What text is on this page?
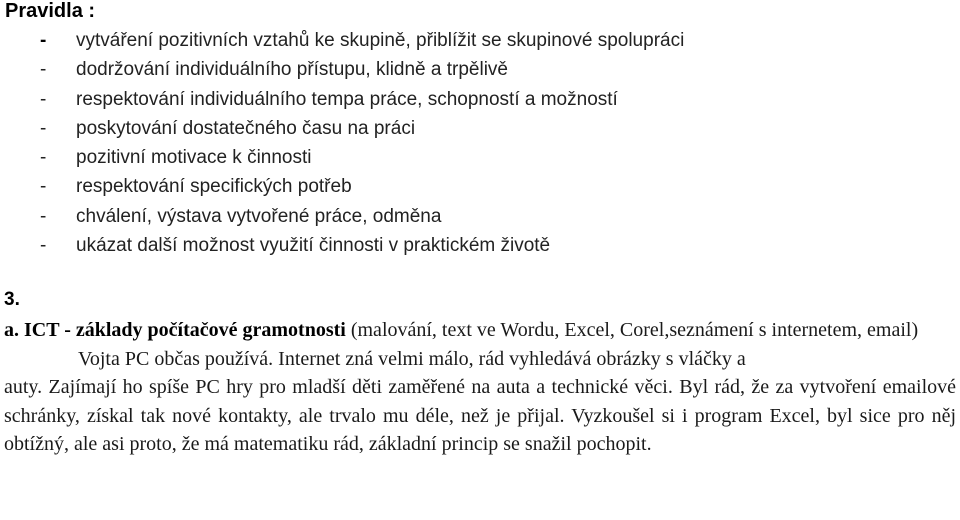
Pravidla :
- vytváření pozitivních vztahů ke skupině, přiblížit se skupinové spolupráci
- dodržování individuálního přístupu, klidně a trpělivě
- respektování individuálního tempa práce, schopností a možností
- poskytování dostatečného času na práci
- pozitivní motivace k činnosti
- respektování specifických potřeb
- chválení, výstava vytvořené práce, odměna
- ukázat další možnost využití činnosti v praktickém životě
3.

a. ICT - základy počítačové gramotnosti (malování, text ve Wordu, Excel, Corel,seznámení s internetem, email)
Vojta PC občas používá. Internet zná velmi málo, rád vyhledává obrázky s vláčky a
auty. Zajímají ho spíše PC hry pro mladší děti zaměřené na auta a technické věci. Byl rád, že za vytvoření emailové schránky, získal tak nové kontakty, ale trvalo mu déle, než je přijal. Vyzkoušel si i program Excel, byl sice pro něj obtížný, ale asi proto, že má matematiku rád, základní princip se snažil pochopit.
